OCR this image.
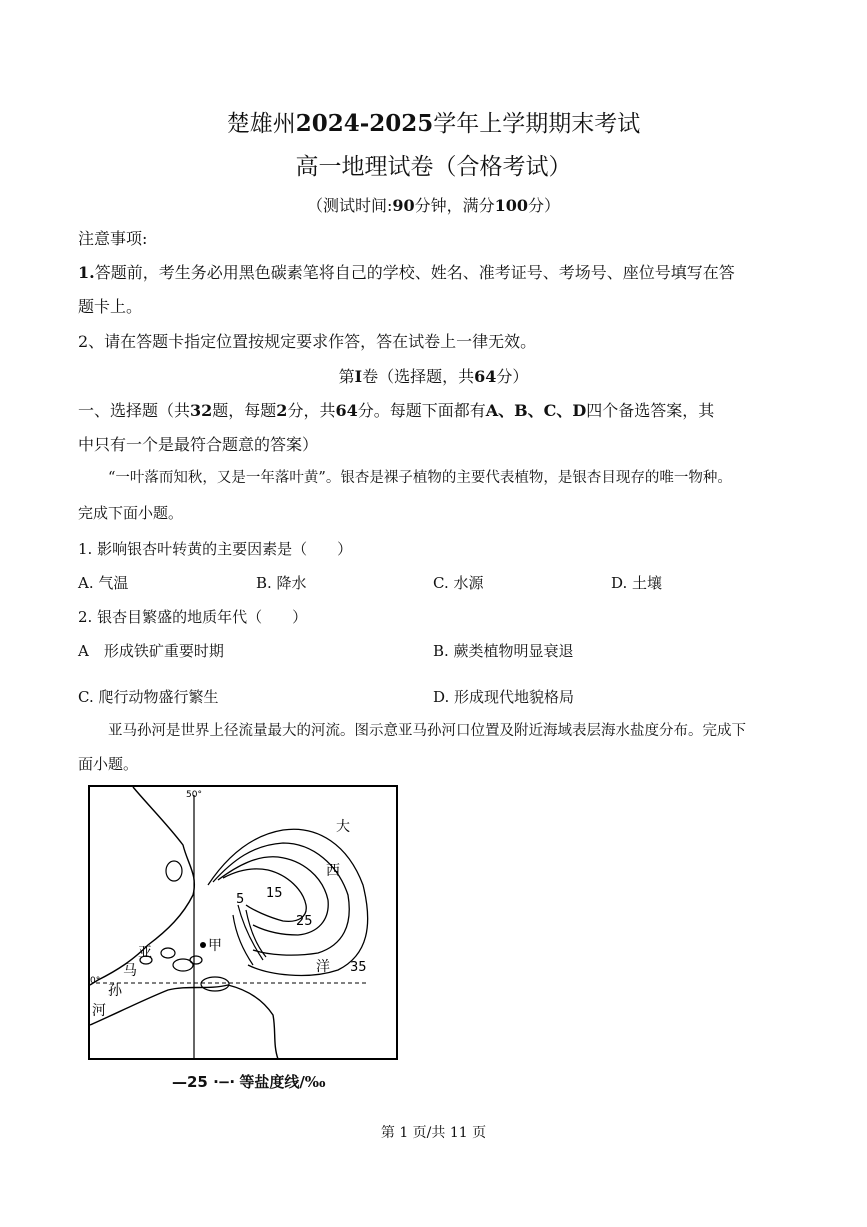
楚雄州2024-2025学年上学期期末考试
高一地理试卷（合格考试）
（测试时间:90分钟，满分100分）
注意事项:
1.答题前，考生务必用黑色碳素笔将自己的学校、姓名、准考证号、考场号、座位号填写在答
题卡上。
2、请在答题卡指定位置按规定要求作答，答在试卷上一律无效。
第I卷（选择题，共64分）
一、选择题（共32题，每题2分，共64分。每题下面都有A、B、C、D四个备选答案，其
中只有一个是最符合题意的答案）
“一叶落而知秋，又是一年落叶黄”。银杏是裸子植物的主要代表植物，是银杏目现存的唯一物种。
完成下面小题。
1. 影响银杏叶转黄的主要因素是（　　）
A. 气温	B. 降水	C. 水源	D. 土壤
2. 银杏目繁盛的地质年代（　　）
A　形成铁矿重要时期	B. 蕨类植物明显衰退
C. 爬行动物盛行繁生	D. 形成现代地貌格局
亚马孙河是世界上径流量最大的河流。图示意亚马孙河口位置及附近海域表层海水盐度分布。完成下
面小题。
50°
0°
大
西
洋
亚
马
孙
河
甲
5 15
25
35
—25 ·−· 等盐度线/‰
第 1 页/共 11 页
